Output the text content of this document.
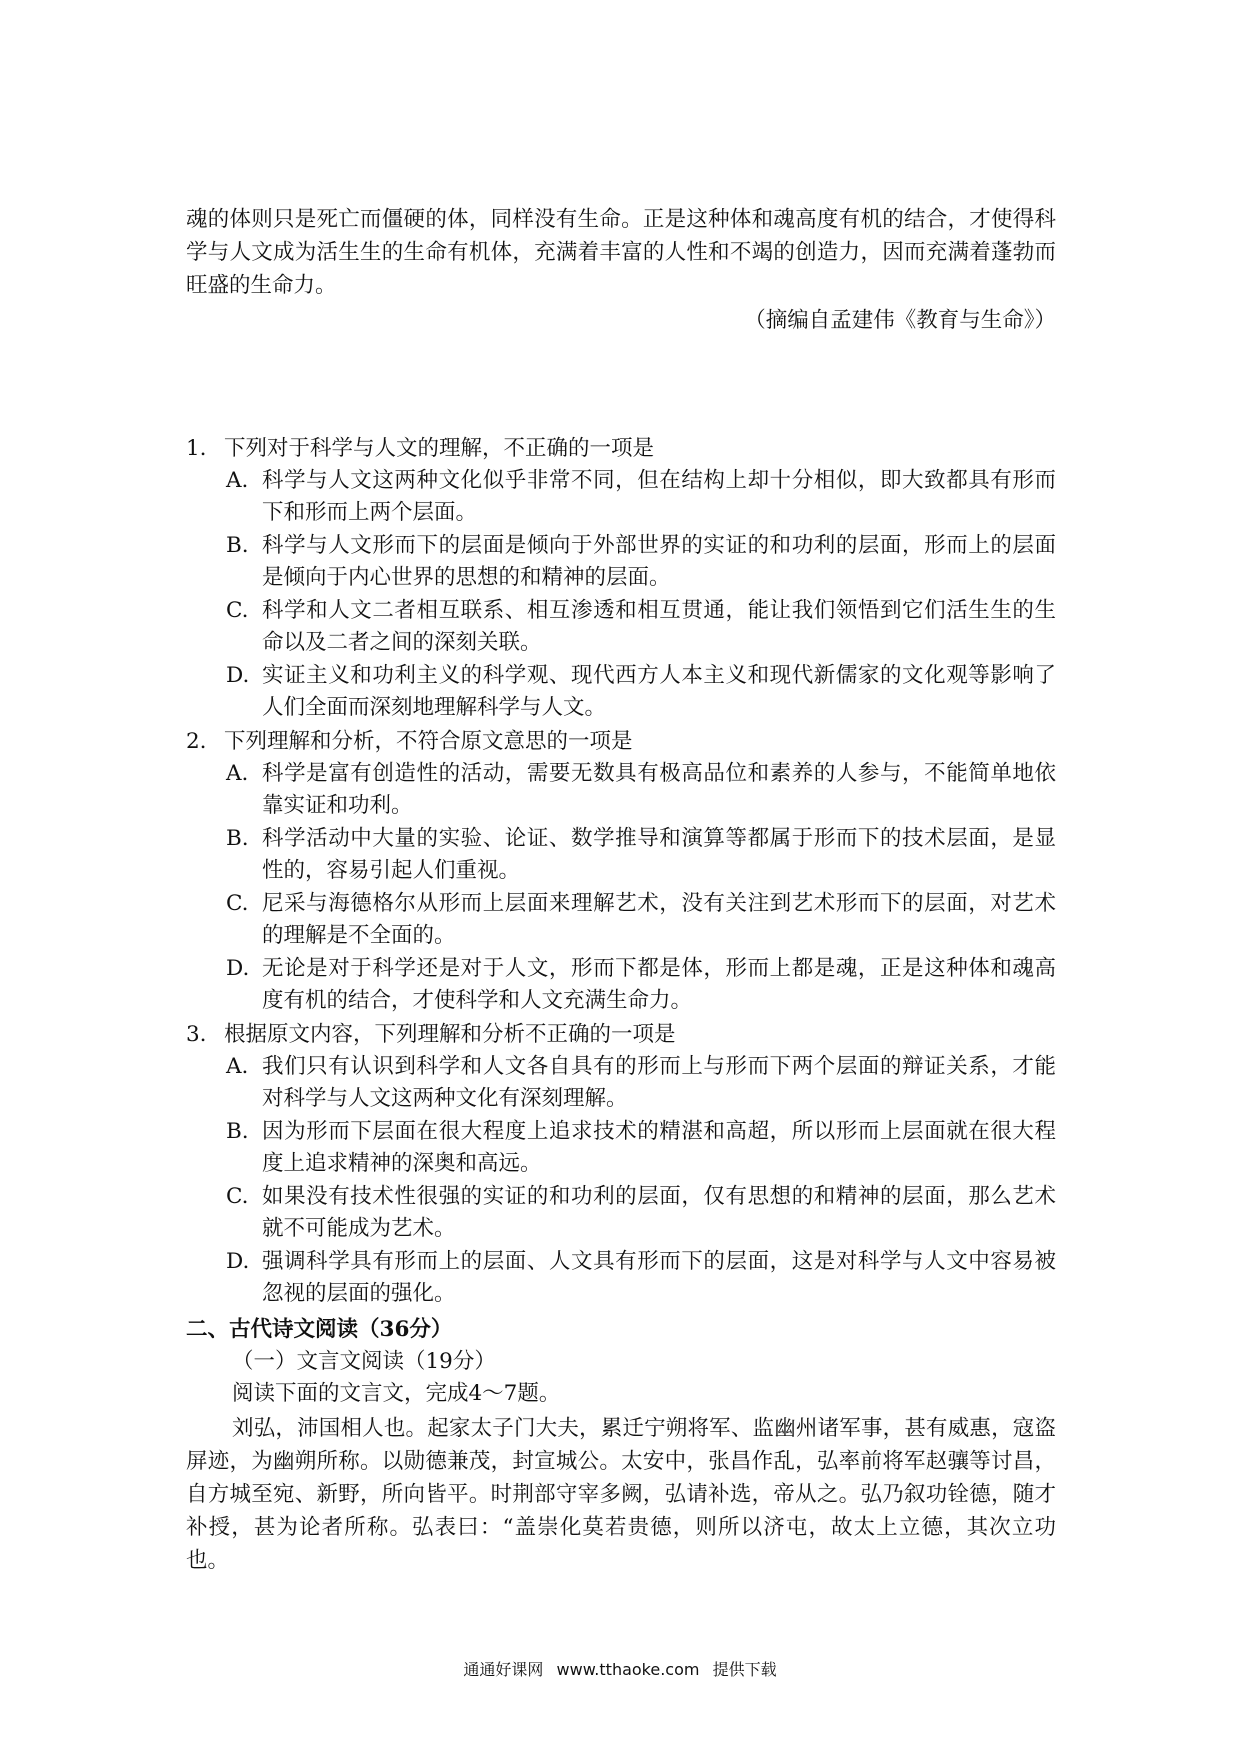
魂的体则只是死亡而僵硬的体，同样没有生命。正是这种体和魂高度有机的结合，才使得科学与人文成为活生生的生命有机体，充满着丰富的人性和不竭的创造力，因而充满着蓬勃而旺盛的生命力。
（摘编自孟建伟《教育与生命》）
1. 下列对于科学与人文的理解，不正确的一项是
A. 科学与人文这两种文化似乎非常不同，但在结构上却十分相似，即大致都具有形而下和形而上两个层面。
B. 科学与人文形而下的层面是倾向于外部世界的实证的和功利的层面，形而上的层面是倾向于内心世界的思想的和精神的层面。
C. 科学和人文二者相互联系、相互渗透和相互贯通，能让我们领悟到它们活生生的生命以及二者之间的深刻关联。
D. 实证主义和功利主义的科学观、现代西方人本主义和现代新儒家的文化观等影响了人们全面而深刻地理解科学与人文。
2. 下列理解和分析，不符合原文意思的一项是
A. 科学是富有创造性的活动，需要无数具有极高品位和素养的人参与，不能简单地依靠实证和功利。
B. 科学活动中大量的实验、论证、数学推导和演算等都属于形而下的技术层面，是显性的，容易引起人们重视。
C. 尼采与海德格尔从形而上层面来理解艺术，没有关注到艺术形而下的层面，对艺术的理解是不全面的。
D. 无论是对于科学还是对于人文，形而下都是体，形而上都是魂，正是这种体和魂高度有机的结合，才使科学和人文充满生命力。
3. 根据原文内容，下列理解和分析不正确的一项是
A. 我们只有认识到科学和人文各自具有的形而上与形而下两个层面的辩证关系，才能对科学与人文这两种文化有深刻理解。
B. 因为形而下层面在很大程度上追求技术的精湛和高超，所以形而上层面就在很大程度上追求精神的深奥和高远。
C. 如果没有技术性很强的实证的和功利的层面，仅有思想的和精神的层面，那么艺术就不可能成为艺术。
D. 强调科学具有形而上的层面、人文具有形而下的层面，这是对科学与人文中容易被忽视的层面的强化。
二、古代诗文阅读（36分）
（一）文言文阅读（19分）
阅读下面的文言文，完成4～7题。
刘弘，沛国相人也。起家太子门大夫，累迁宁朔将军、监幽州诸军事，甚有威惠，寇盗屏迹，为幽朔所称。以勋德兼茂，封宣城公。太安中，张昌作乱，弘率前将军赵骧等讨昌，自方城至宛、新野，所向皆平。时荆部守宰多阙，弘请补选，帝从之。弘乃叙功铨德，随才补授，甚为论者所称。弘表曰：“盖崇化莫若贵德，则所以济屯，故太上立德，其次立功也。
通通好课网 www.tthaoke.com 提供下载
